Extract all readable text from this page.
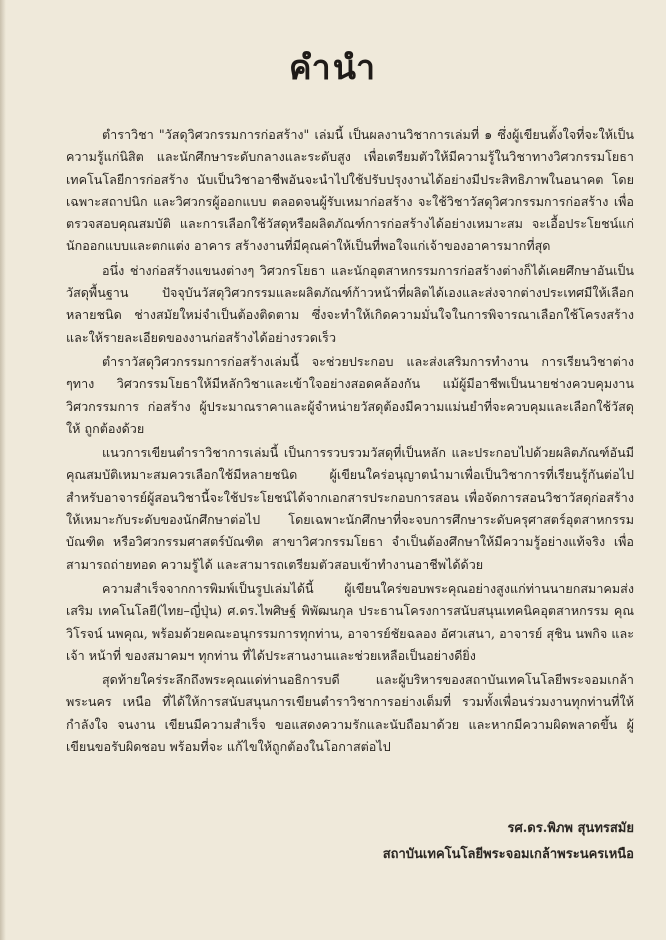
คำนำ

ตำราวิชา "วัสดุวิศวกรรมการก่อสร้าง" เล่มนี้ เป็นผลงานวิชาการเล่มที่ ๑ ซึ่งผู้เขียนตั้งใจที่จะให้เป็นความรู้แก่นิสิต และนักศึกษาระดับกลางและระดับสูง เพื่อเตรียมตัวให้มีความรู้ในวิชาทางวิศวกรรมโยธา เทคโนโลยีการก่อสร้าง นับเป็นวิชาอาชีพอันจะนำไปใช้ปรับปรุงงานได้อย่างมีประสิทธิภาพในอนาคต โดยเฉพาะสถาปนิก และวิศวกรผู้ออกแบบ ตลอดจนผู้รับเหมาก่อสร้าง จะใช้วิชาวัสดุวิศวกรรมการก่อสร้าง เพื่อตรวจสอบคุณสมบัติ และการเลือกใช้วัสดุหรือผลิตภัณฑ์การก่อสร้างได้อย่างเหมาะสม จะเอื้อประโยชน์แก่นักออกแบบและตกแต่ง อาคาร สร้างงานที่มีคุณค่าให้เป็นที่พอใจแก่เจ้าของอาคารมากที่สุด

อนึ่ง ช่างก่อสร้างแขนงต่างๆ วิศวกรโยธา และนักอุตสาหกรรมการก่อสร้างต่างก็ได้เคยศึกษาอันเป็นวัสดุพื้นฐาน ปัจจุบันวัสดุวิศวกรรมและผลิตภัณฑ์ก้าวหน้าที่ผลิตได้เองและส่งจากต่างประเทศมีให้เลือกหลายชนิด ช่างสมัยใหม่จำเป็นต้องติดตาม ซึ่งจะทำให้เกิดความมั่นใจในการพิจารณาเลือกใช้โครงสร้าง และให้รายละเอียดของงานก่อสร้างได้อย่างรวดเร็ว

ตำราวัสดุวิศวกรรมการก่อสร้างเล่มนี้ จะช่วยประกอบ และส่งเสริมการทำงาน การเรียนวิชาต่าง ๆทาง วิศวกรรมโยธาให้มีหลักวิชาและเข้าใจอย่างสอดคล้องกัน แม้ผู้มีอาชีพเป็นนายช่างควบคุมงานวิศวกรรมการ ก่อสร้าง ผู้ประมาณราคาและผู้จำหน่ายวัสดุต้องมีความแม่นยำที่จะควบคุมและเลือกใช้วัสดุให้ ถูกต้องด้วย

แนวการเขียนตำราวิชาการเล่มนี้ เป็นการรวบรวมวัสดุที่เป็นหลัก และประกอบไปด้วยผลิตภัณฑ์อันมีคุณสมบัติเหมาะสมควรเลือกใช้มีหลายชนิด ผู้เขียนใคร่อนุญาตนำมาเพื่อเป็นวิชาการที่เรียนรู้กันต่อไป สำหรับอาจารย์ผู้สอนวิชานี้จะใช้ประโยชน์ได้จากเอกสารประกอบการสอน เพื่อจัดการสอนวิชาวัสดุก่อสร้าง ให้เหมาะกับระดับของนักศึกษาต่อไป โดยเฉพาะนักศึกษาที่จะจบการศึกษาระดับครุศาสตร์อุตสาหกรรม บัณฑิต หรือวิศวกรรมศาสตร์บัณฑิต สาขาวิศวกรรมโยธา จำเป็นต้องศึกษาให้มีความรู้อย่างแท้จริง เพื่อสามารถถ่ายทอด ความรู้ได้ และสามารถเตรียมตัวสอบเข้าทำงานอาชีพได้ด้วย

ความสำเร็จจากการพิมพ์เป็นรูปเล่มได้นี้ ผู้เขียนใคร่ขอบพระคุณอย่างสูงแก่ท่านนายกสมาคมส่งเสริม เทคโนโลยี(ไทย–ญี่ปุ่น) ศ.ดร.ไพศิษฐ์ พิพัฒนกุล ประธานโครงการสนับสนุนเทคนิคอุตสาหกรรม คุณวิโรจน์ นพคุณ, พร้อมด้วยคณะอนุกรรมการทุกท่าน, อาจารย์ชัยฉลอง อัศวเสนา, อาจารย์ สุชิน นพกิจ และเจ้า หน้าที่ ของสมาคมฯ ทุกท่าน ที่ได้ประสานงานและช่วยเหลือเป็นอย่างดียิ่ง

สุดท้ายใคร่ระลึกถึงพระคุณแด่ท่านอธิการบดี และผู้บริหารของสถาบันเทคโนโลยีพระจอมเกล้าพระนคร เหนือ ที่ได้ให้การสนับสนุนการเขียนตำราวิชาการอย่างเต็มที่ รวมทั้งเพื่อนร่วมงานทุกท่านที่ให้กำลังใจ จนงาน เขียนมีความสำเร็จ ขอแสดงความรักและนับถือมาด้วย และหากมีความผิดพลาดขึ้น ผู้เขียนขอรับผิดชอบ พร้อมที่จะ แก้ไขให้ถูกต้องในโอกาสต่อไป

รศ.ดร.พิภพ สุนทรสมัย
สถาบันเทคโนโลยีพระจอมเกล้าพระนครเหนือ
